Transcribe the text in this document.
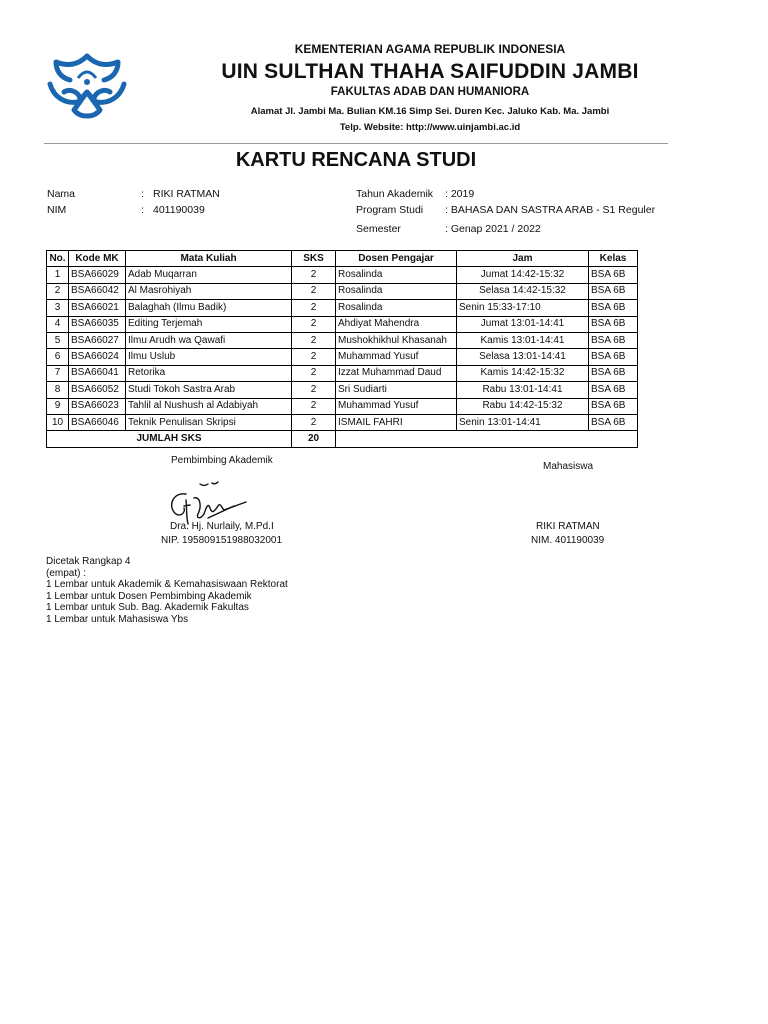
KEMENTERIAN AGAMA REPUBLIK INDONESIA
UIN SULTHAN THAHA SAIFUDDIN JAMBI
FAKULTAS ADAB DAN HUMANIORA
Alamat Jl. Jambi Ma. Bulian KM.16 Simp Sei. Duren Kec. Jaluko Kab. Ma. Jambi
Telp. Website: http://www.uinjambi.ac.id
KARTU RENCANA STUDI
Nama	: RIKI RATMAN
NIM	: 401190039
Tahun Akademik : 2019
Program Studi : BAHASA DAN SASTRA ARAB - S1 Reguler
Semester	: Genap 2021 / 2022
No.	Kode MK	Mata Kuliah	SKS	Dosen Pengajar	Jam	Kelas
1	BSA66029	Adab Muqarran	2	Rosalinda	Jumat 14:42-15:32	BSA 6B
2	BSA66042	Al Masrohiyah	2	Rosalinda	Selasa 14:42-15:32	BSA 6B
3	BSA66021	Balaghah (Ilmu Badik)	2	Rosalinda	Senin 15:33-17:10	BSA 6B
4	BSA66035	Editing Terjemah	2	Ahdiyat Mahendra	Jumat 13:01-14:41	BSA 6B
5	BSA66027	Ilmu Arudh wa Qawafi	2	Mushokhikhul Khasanah	Kamis 13:01-14:41	BSA 6B
6	BSA66024	Ilmu Uslub	2	Muhammad Yusuf	Selasa 13:01-14:41	BSA 6B
7	BSA66041	Retorika	2	Izzat Muhammad Daud	Kamis 14:42-15:32	BSA 6B
8	BSA66052	Studi Tokoh Sastra Arab	2	Sri Sudiarti	Rabu 13:01-14:41	BSA 6B
9	BSA66023	Tahlil al Nushush al Adabiyah	2	Muhammad Yusuf	Rabu 14:42-15:32	BSA 6B
10	BSA66046	Teknik Penulisan Skripsi	2	ISMAIL FAHRI	Senin 13:01-14:41	BSA 6B
JUMLAH SKS			20			
Pembimbing Akademik
Mahasiswa
Dra. Hj. Nurlaily, M.Pd.I
NIP. 195809151988032001
RIKI RATMAN
NIM. 401190039
Dicetak Rangkap 4
(empat) :
1 Lembar untuk Akademik & Kemahasiswaan Rektorat
1 Lembar untuk Dosen Pembimbing Akademik
1 Lembar untuk Sub. Bag. Akademik Fakultas
1 Lembar untuk Mahasiswa Ybs
